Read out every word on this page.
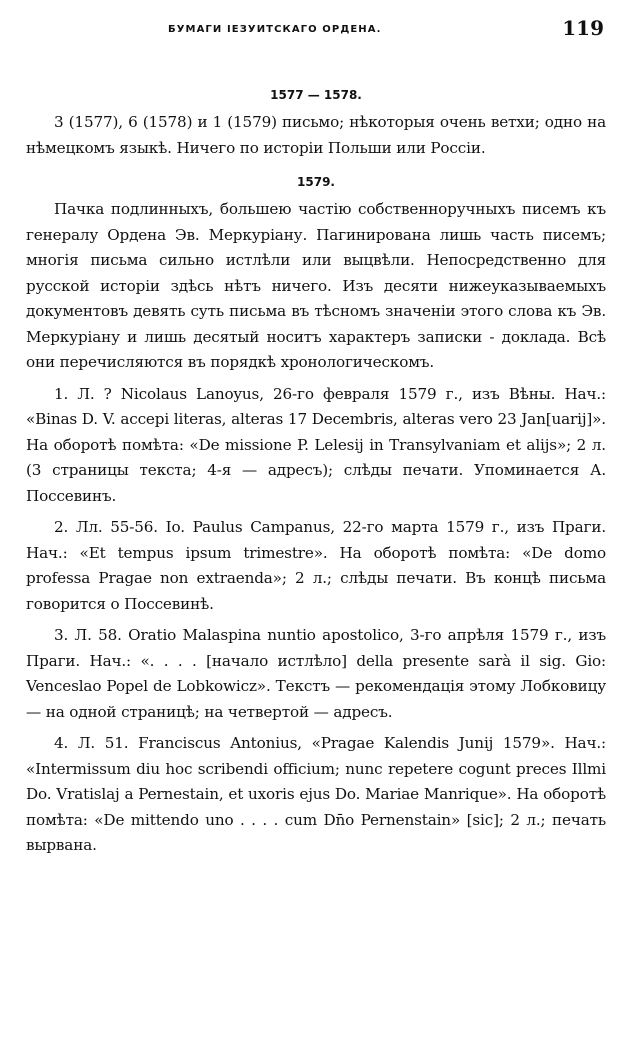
БУМАГИ ІЕЗУИТСКАГО ОРДЕНА.	119

1577 — 1578.

3 (1577), 6 (1578) и 1 (1579) письмо; нѣкоторыя очень ветхи; одно на нѣмецкомъ языкѣ. Ничего по исторіи Польши или Россіи.

1579.

Пачка подлинныхъ, большею частію собственноручныхъ писемъ къ генералу Ордена Эв. Меркуріану. Пагинирована лишь часть писемъ; многія письма сильно истлѣли или выцвѣли. Непосредственно для русской исторіи здѣсь нѣтъ ничего. Изъ десяти нижеуказываемыхъ документовъ девять суть письма въ тѣсномъ значеніи этого слова къ Эв. Меркуріану и лишь десятый носитъ характеръ записки - доклада. Всѣ они перечисляются въ порядкѣ хронологическомъ.

1. Л. ? Nicolaus Lanoyus, 26-го февраля 1579 г., изъ Вѣны. Нач.: «Binas D. V. accepi literas, alteras 17 Decembris, alteras vero 23 Jan[uarij]». На оборотѣ помѣта: «De missione P. Lelesij in Transylvaniam et alijs»; 2 л. (3 страницы текста; 4-я — адресъ); слѣды печати. Упоминается А. Поссевинъ.

2. Лл. 55-56. Io. Paulus Campanus, 22-го марта 1579 г., изъ Праги. Нач.: «Et tempus ipsum trimestre». На оборотѣ помѣта: «De domo professa Pragae non extraenda»; 2 л.; слѣды печати. Въ концѣ письма говорится о Поссевинѣ.

3. Л. 58. Oratio Malaspina nuntio apostolico, 3-го апрѣля 1579 г., изъ Праги. Нач.: «. . . . [начало истлѣло] della presente sarà il sig. Gio: Venceslao Popel de Lobkowicz». Текстъ — рекомендація этому Лобковицу — на одной страницѣ; на четвертой — адресъ.

4. Л. 51. Franciscus Antonius, «Pragae Kalendis Junij 1579». Нач.: «Intermissum diu hoc scribendi officium; nunc repetere cogunt preces Illmi Do. Vratislaj a Pernestain, et uxoris ejus Do. Mariae Manrique». На оборотѣ помѣта: «De mittendo uno . . . . cum Dn̄o Pernenstain» [sic]; 2 л.; печать вырвана.
